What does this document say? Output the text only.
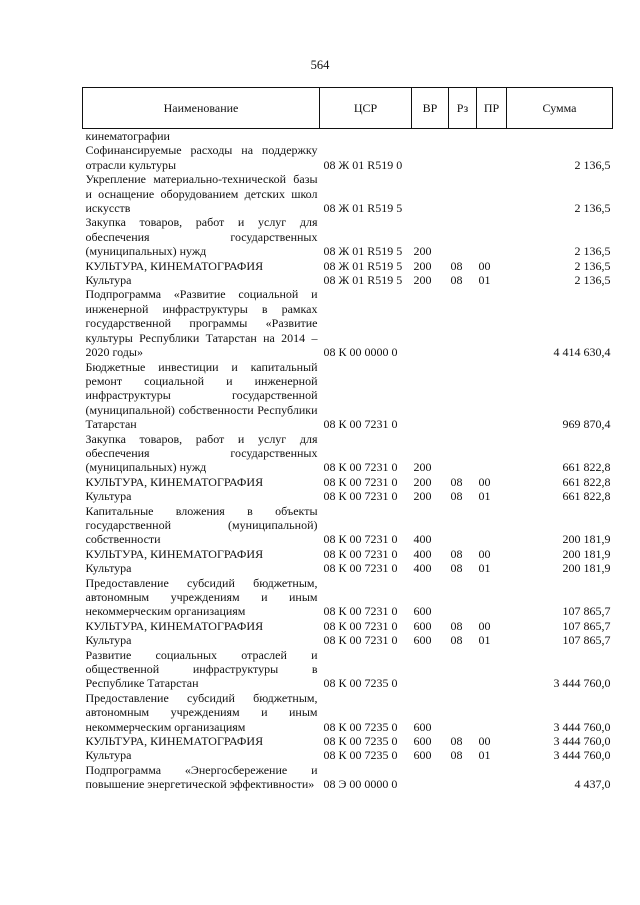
564
Наименование	ЦСР	ВР	Рз	ПР	Сумма
кинематографии					
Софинансируемые расходы на поддержку отрасли культуры	08 Ж 01 R519 0				2 136,5
Укрепление материально-технической базы и оснащение оборудованием детских школ искусств	08 Ж 01 R519 5				2 136,5
Закупка товаров, работ и услуг для обеспечения государственных (муниципальных) нужд	08 Ж 01 R519 5	200			2 136,5
КУЛЬТУРА, КИНЕМАТОГРАФИЯ	08 Ж 01 R519 5	200	08	00	2 136,5
Культура	08 Ж 01 R519 5	200	08	01	2 136,5
Подпрограмма «Развитие социальной и инженерной инфраструктуры в рамках государственной программы «Развитие культуры Республики Татарстан на 2014 – 2020 годы»	08 К 00 0000 0				4 414 630,4
Бюджетные инвестиции и капитальный ремонт социальной и инженерной инфраструктуры государственной (муниципальной) собственности Республики Татарстан	08 К 00 7231 0				969 870,4
Закупка товаров, работ и услуг для обеспечения государственных (муниципальных) нужд	08 К 00 7231 0	200			661 822,8
КУЛЬТУРА, КИНЕМАТОГРАФИЯ	08 К 00 7231 0	200	08	00	661 822,8
Культура	08 К 00 7231 0	200	08	01	661 822,8
Капитальные вложения в объекты государственной (муниципальной) собственности	08 К 00 7231 0	400			200 181,9
КУЛЬТУРА, КИНЕМАТОГРАФИЯ	08 К 00 7231 0	400	08	00	200 181,9
Культура	08 К 00 7231 0	400	08	01	200 181,9
Предоставление субсидий бюджетным, автономным учреждениям и иным некоммерческим организациям	08 К 00 7231 0	600			107 865,7
КУЛЬТУРА, КИНЕМАТОГРАФИЯ	08 К 00 7231 0	600	08	00	107 865,7
Культура	08 К 00 7231 0	600	08	01	107 865,7
Развитие социальных отраслей и общественной инфраструктуры в Республике Татарстан	08 К 00 7235 0				3 444 760,0
Предоставление субсидий бюджетным, автономным учреждениям и иным некоммерческим организациям	08 К 00 7235 0	600			3 444 760,0
КУЛЬТУРА, КИНЕМАТОГРАФИЯ	08 К 00 7235 0	600	08	00	3 444 760,0
Культура	08 К 00 7235 0	600	08	01	3 444 760,0
Подпрограмма «Энергосбережение и повышение энергетической эффективности»	08 Э 00 0000 0				4 437,0
